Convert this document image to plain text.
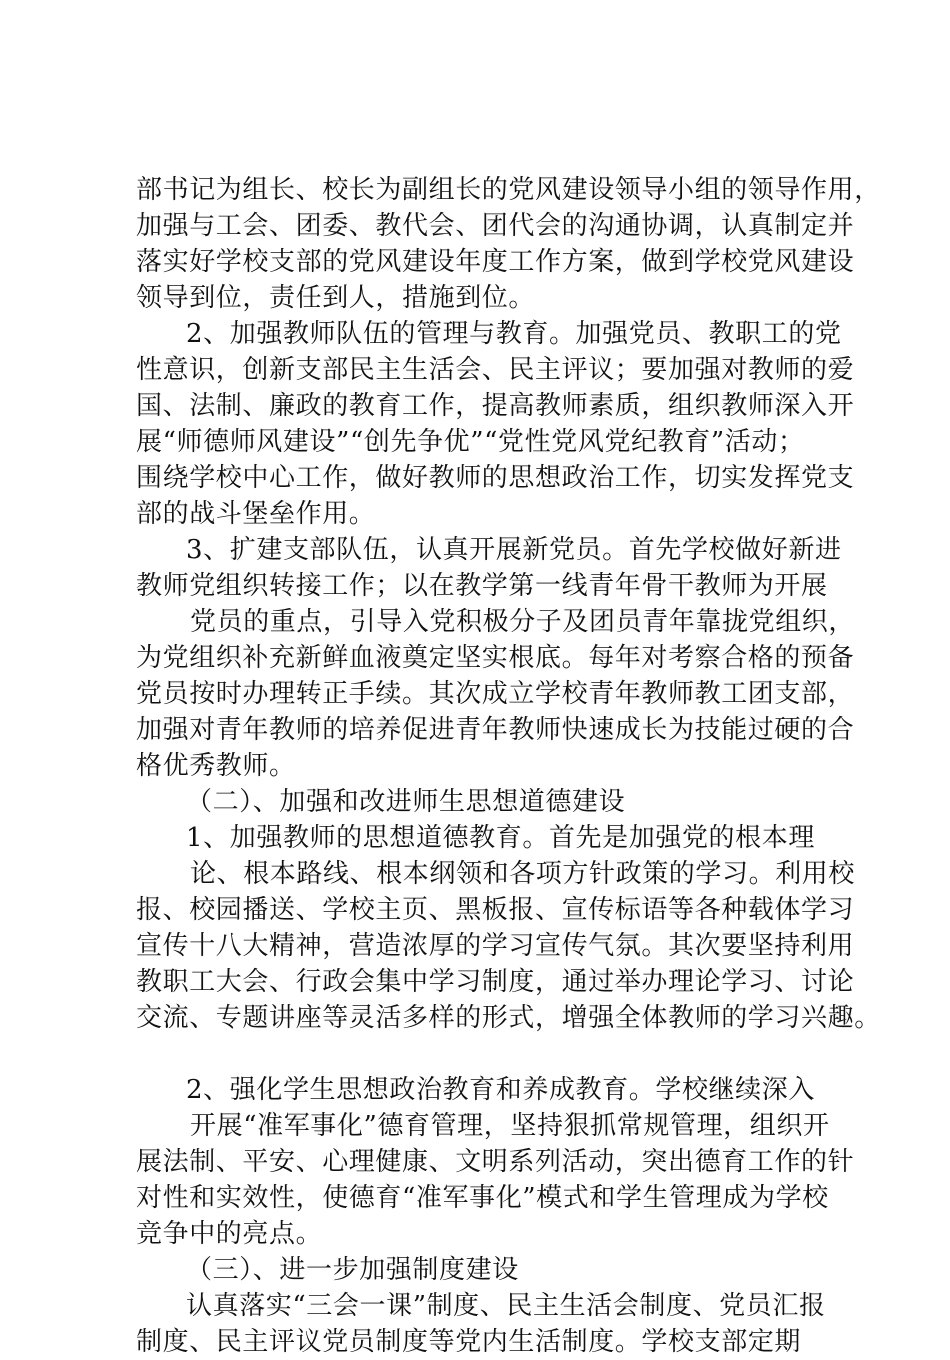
部书记为组长、校长为副组长的党风建设领导小组的领导作用，
加强与工会、团委、教代会、团代会的沟通协调，认真制定并
落实好学校支部的党风建设年度工作方案，做到学校党风建设
领导到位，责任到人，措施到位。
2、加强教师队伍的管理与教育。加强党员、教职工的党
性意识，创新支部民主生活会、民主评议；要加强对教师的爱
国、法制、廉政的教育工作，提高教师素质，组织教师深入开
展“师德师风建设”“创先争优”“党性党风党纪教育”活动；
围绕学校中心工作，做好教师的思想政治工作，切实发挥党支
部的战斗堡垒作用。
3、扩建支部队伍，认真开展新党员。首先学校做好新进
教师党组织转接工作；以在教学第一线青年骨干教师为开展
党员的重点，引导入党积极分子及团员青年靠拢党组织，
为党组织补充新鲜血液奠定坚实根底。每年对考察合格的预备
党员按时办理转正手续。其次成立学校青年教师教工团支部，
加强对青年教师的培养促进青年教师快速成长为技能过硬的合
格优秀教师。
（二）、加强和改进师生思想道德建设
1、加强教师的思想道德教育。首先是加强党的根本理
论、根本路线、根本纲领和各项方针政策的学习。利用校
报、校园播送、学校主页、黑板报、宣传标语等各种载体学习
宣传十八大精神，营造浓厚的学习宣传气氛。其次要坚持利用
教职工大会、行政会集中学习制度，通过举办理论学习、讨论
交流、专题讲座等灵活多样的形式，增强全体教师的学习兴趣。
2、强化学生思想政治教育和养成教育。学校继续深入
开展“准军事化”德育管理，坚持狠抓常规管理，组织开
展法制、平安、心理健康、文明系列活动，突出德育工作的针
对性和实效性，使德育“准军事化”模式和学生管理成为学校
竞争中的亮点。
（三）、进一步加强制度建设
认真落实“三会一课”制度、民主生活会制度、党员汇报
制度、民主评议党员制度等党内生活制度。学校支部定期
